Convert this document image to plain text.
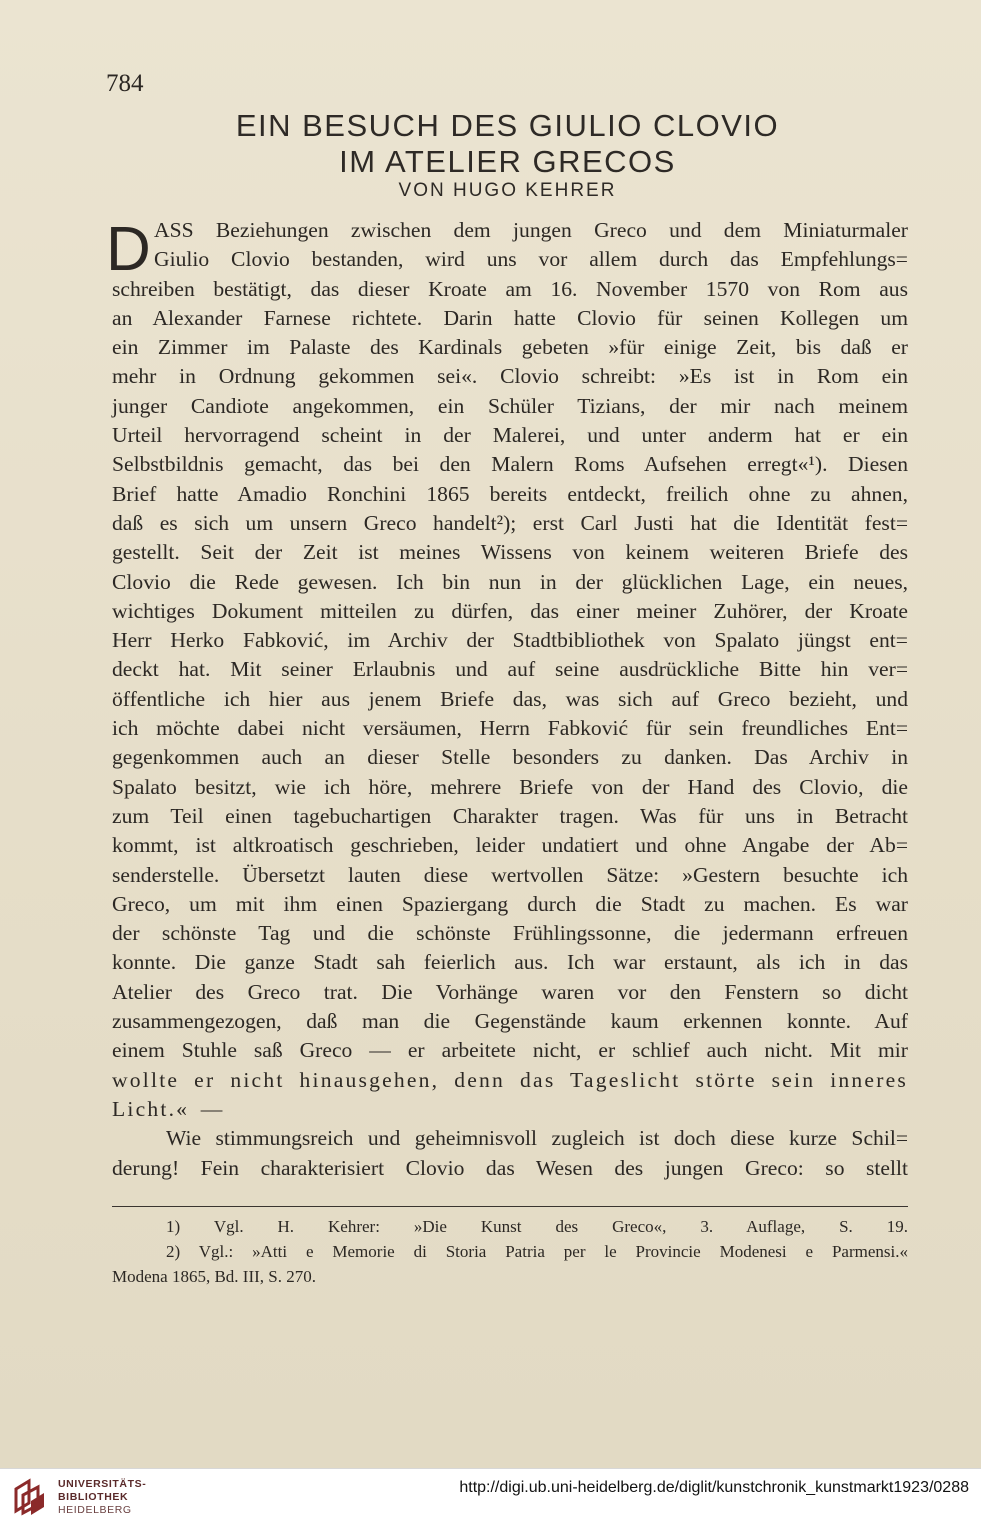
784
EIN BESUCH DES GIULIO CLOVIO
IM ATELIER GRECOS
VON HUGO KEHRER
D ASS Beziehungen zwischen dem jungen Greco und dem Miniaturmaler
Giulio Clovio bestanden, wird uns vor allem durch das Empfehlungs=
schreiben bestätigt, das dieser Kroate am 16. November 1570 von Rom aus
an Alexander Farnese richtete. Darin hatte Clovio für seinen Kollegen um
ein Zimmer im Palaste des Kardinals gebeten »für einige Zeit, bis daß er
mehr in Ordnung gekommen sei«. Clovio schreibt: »Es ist in Rom ein
junger Candiote angekommen, ein Schüler Tizians, der mir nach meinem
Urteil hervorragend scheint in der Malerei, und unter anderm hat er ein
Selbstbildnis gemacht, das bei den Malern Roms Aufsehen erregt«¹). Diesen
Brief hatte Amadio Ronchini 1865 bereits entdeckt, freilich ohne zu ahnen,
daß es sich um unsern Greco handelt²); erst Carl Justi hat die Identität fest=
gestellt. Seit der Zeit ist meines Wissens von keinem weiteren Briefe des
Clovio die Rede gewesen. Ich bin nun in der glücklichen Lage, ein neues,
wichtiges Dokument mitteilen zu dürfen, das einer meiner Zuhörer, der Kroate
Herr Herko Fabković, im Archiv der Stadtbibliothek von Spalato jüngst ent=
deckt hat. Mit seiner Erlaubnis und auf seine ausdrückliche Bitte hin ver=
öffentliche ich hier aus jenem Briefe das, was sich auf Greco bezieht, und
ich möchte dabei nicht versäumen, Herrn Fabković für sein freundliches Ent=
gegenkommen auch an dieser Stelle besonders zu danken. Das Archiv in
Spalato besitzt, wie ich höre, mehrere Briefe von der Hand des Clovio, die
zum Teil einen tagebuchartigen Charakter tragen. Was für uns in Betracht
kommt, ist altkroatisch geschrieben, leider undatiert und ohne Angabe der Ab=
senderstelle. Übersetzt lauten diese wertvollen Sätze: »Gestern besuchte ich
Greco, um mit ihm einen Spaziergang durch die Stadt zu machen. Es war
der schönste Tag und die schönste Frühlingssonne, die jedermann erfreuen
konnte. Die ganze Stadt sah feierlich aus. Ich war erstaunt, als ich in das
Atelier des Greco trat. Die Vorhänge waren vor den Fenstern so dicht
zusammengezogen, daß man die Gegenstände kaum erkennen konnte. Auf
einem Stuhle saß Greco — er arbeitete nicht, er schlief auch nicht. Mit mir
wollte er nicht hinausgehen, denn das Tageslicht störte sein inneres
Licht.« —
Wie stimmungsreich und geheimnisvoll zugleich ist doch diese kurze Schil=
derung! Fein charakterisiert Clovio das Wesen des jungen Greco: so stellt
1) Vgl. H. Kehrer: »Die Kunst des Greco«, 3. Auflage, S. 19.
2) Vgl.: »Atti e Memorie di Storia Patria per le Provincie Modenesi e Parmensi.«
Modena 1865, Bd. III, S. 270.
UNIVERSITÄTS-
BIBLIOTHEK
HEIDELBERG
http://digi.ub.uni-heidelberg.de/diglit/kunstchronik_kunstmarkt1923/0288
